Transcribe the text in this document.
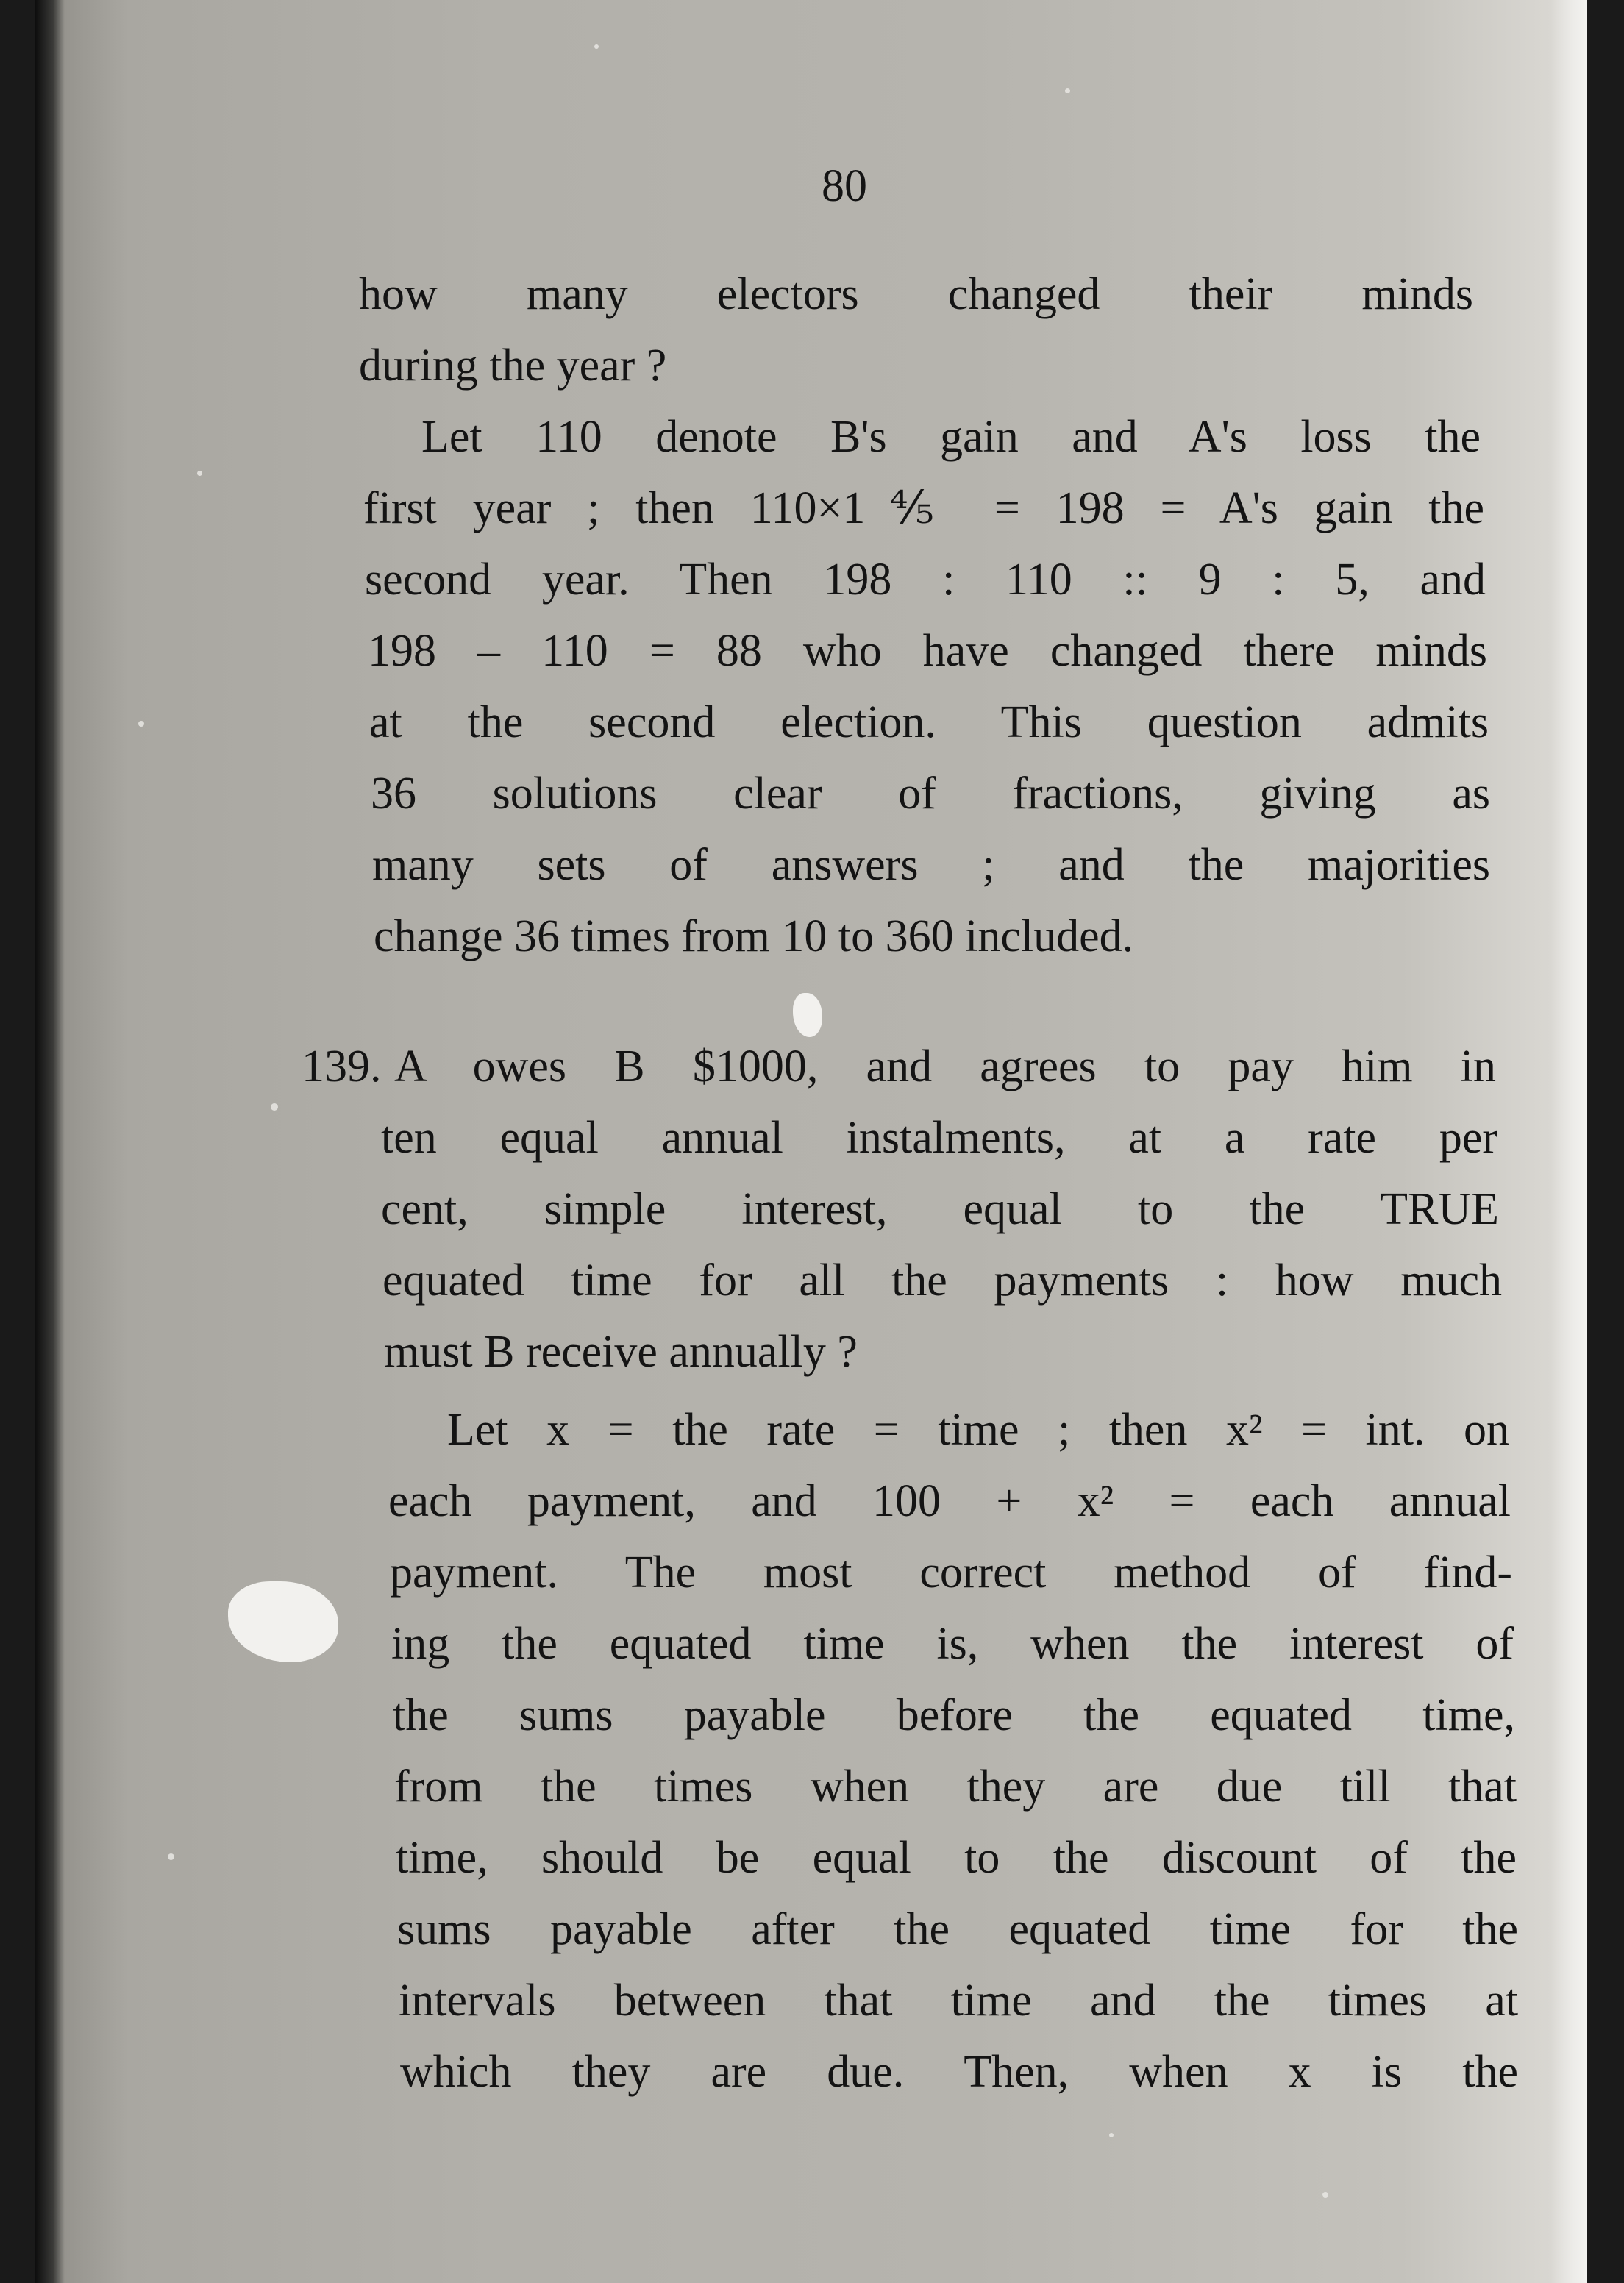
80
how many electors changed their minds
during the year ?
Let 110 denote B's gain and A's loss the
first year ; then 110×1⅘ = 198 = A's gain the
second year. Then 198 : 110 :: 9 : 5, and
198 – 110 = 88 who have changed there minds
at the second election. This question admits
36 solutions clear of fractions, giving as
many sets of answers ; and the majorities
change 36 times from 10 to 360 included.
139. A owes B $1000, and agrees to pay him in
ten equal annual instalments, at a rate per
cent, simple interest, equal to the TRUE
equated time for all the payments : how much
must B receive annually ?
Let x = the rate = time ; then x² = int. on
each payment, and 100 + x² = each annual
payment. The most correct method of find-
ing the equated time is, when the interest of
the sums payable before the equated time,
from the times when they are due till that
time, should be equal to the discount of the
sums payable after the equated time for the
intervals between that time and the times at
which they are due. Then, when x is the
